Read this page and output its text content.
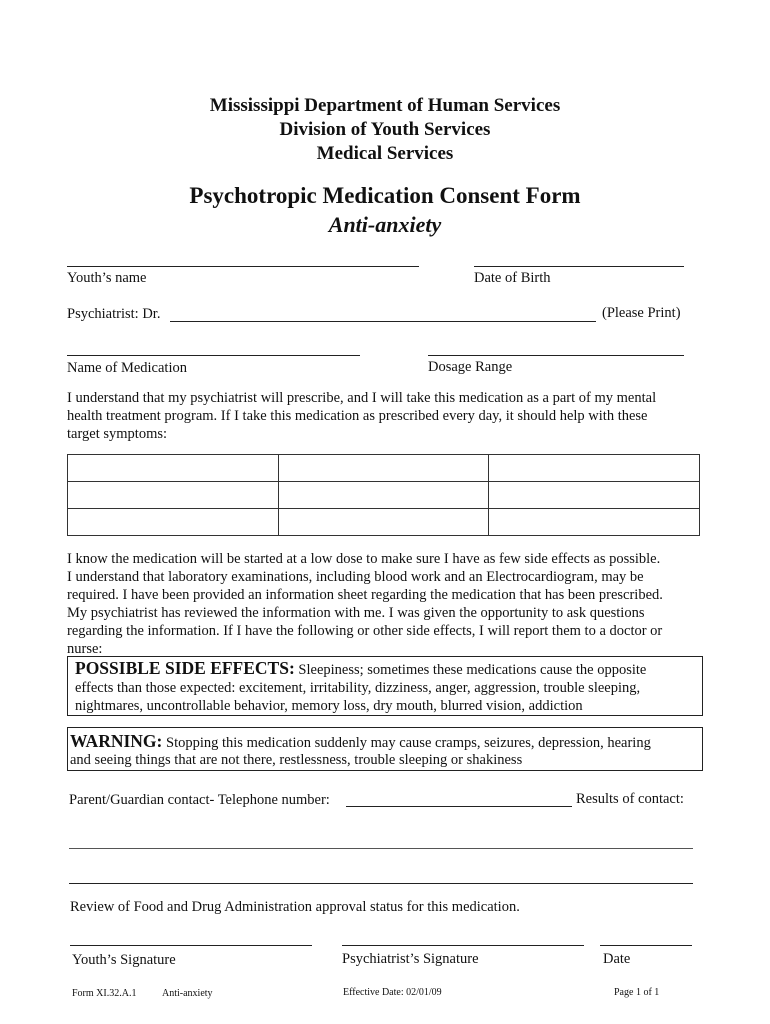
Mississippi Department of Human Services
Division of Youth Services
Medical Services
Psychotropic Medication Consent Form
Anti-anxiety
Youth’s name	Date of Birth
Psychiatrist: Dr.	(Please Print)
Name of Medication	Dosage Range
I understand that my psychiatrist will prescribe, and I will take this medication as a part of my mental
health treatment program. If I take this medication as prescribed every day, it should help with these
target symptoms:

I know the medication will be started at a low dose to make sure I have as few side effects as possible.
I understand that laboratory examinations, including blood work and an Electrocardiogram, may be
required. I have been provided an information sheet regarding the medication that has been prescribed.
My psychiatrist has reviewed the information with me. I was given the opportunity to ask questions
regarding the information. If I have the following or other side effects, I will report them to a doctor or
nurse:
POSSIBLE SIDE EFFECTS: Sleepiness; sometimes these medications cause the opposite
effects than those expected: excitement, irritability, dizziness, anger, aggression, trouble sleeping,
nightmares, uncontrollable behavior, memory loss, dry mouth, blurred vision, addiction
WARNING: Stopping this medication suddenly may cause cramps, seizures, depression, hearing
and seeing things that are not there, restlessness, trouble sleeping or shakiness
Parent/Guardian contact- Telephone number:	Results of contact:
Review of Food and Drug Administration approval status for this medication.
Youth’s Signature	Psychiatrist’s Signature	Date
Form XI.32.A.1	Anti-anxiety	Effective Date: 02/01/09	Page 1 of 1
